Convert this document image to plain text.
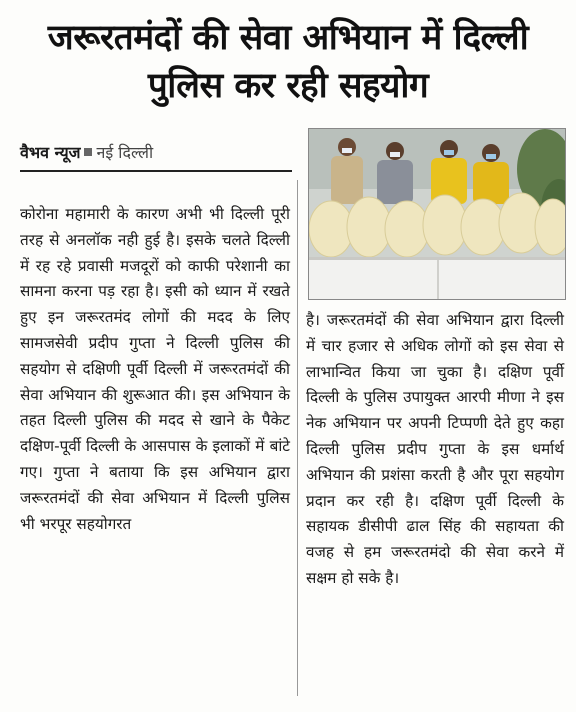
जरूरतमंदों की सेवा अभियान में दिल्ली पुलिस कर रही सहयोग
वैभव न्यूज नई दिल्ली
कोरोना महामारी के कारण अभी भी दिल्ली पूरी तरह से अनलॉक नही हुई है। इसके चलते दिल्ली में रह रहे प्रवासी मजदूरों को काफी परेशानी का सामना करना पड़ रहा है। इसी को ध्यान में रखते हुए इन जरूरतमंद लोगों की मदद के लिए सामजसेवी प्रदीप गुप्ता ने दिल्ली पुलिस की सहयोग से दक्षिणी पूर्वी दिल्ली में जरूरतमंदों की सेवा अभियान की शुरूआत की। इस अभियान के तहत दिल्ली पुलिस की मदद से खाने के पैकेट दक्षिण-पूर्वी दिल्ली के आसपास के इलाकों में बांटे गए। गुप्ता ने बताया कि इस अभियान द्वारा जरूरतमंदों की सेवा अभियान में दिल्ली पुलिस भी भरपूर सहयोगरत
है। जरूरतमंदों की सेवा अभियान द्वारा दिल्ली में चार हजार से अधिक लोगों को इस सेवा से लाभान्वित किया जा चुका है। दक्षिण पूर्वी दिल्ली के पुलिस उपायुक्त आरपी मीणा ने इस नेक अभियान पर अपनी टिप्पणी देते हुए कहा दिल्ली पुलिस प्रदीप गुप्ता के इस धर्मार्थ अभियान की प्रशंसा करती है और पूरा सहयोग प्रदान कर रही है। दक्षिण पूर्वी दिल्ली के सहायक डीसीपी ढाल सिंह की सहायता की वजह से हम जरूरतमंदो की सेवा करने में सक्षम हो सके है।
